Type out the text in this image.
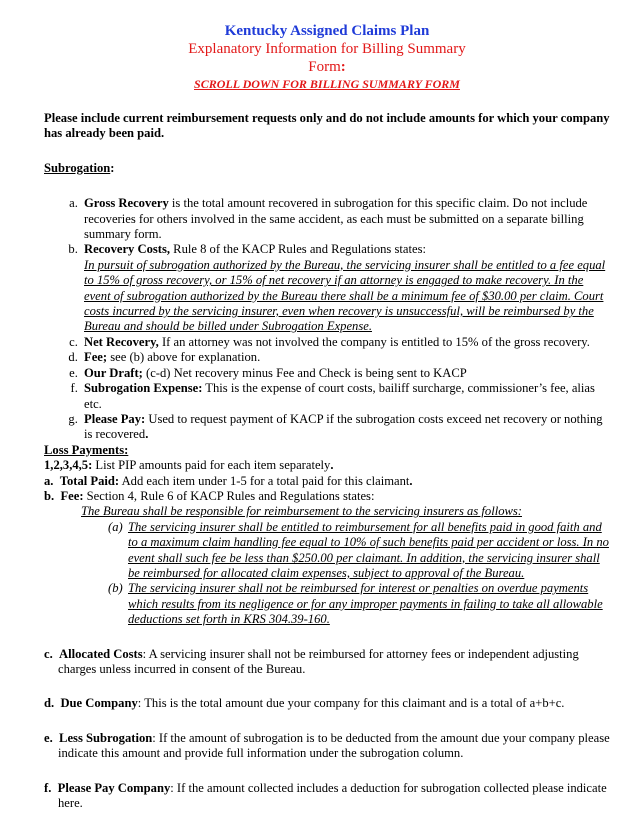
Kentucky Assigned Claims Plan
Explanatory Information for Billing Summary
Form:
SCROLL DOWN FOR BILLING SUMMARY FORM
Please include current reimbursement requests only and do not include amounts for which your company has already been paid.
Subrogation:
a. Gross Recovery is the total amount recovered in subrogation for this specific claim. Do not include recoveries for others involved in the same accident, as each must be submitted on a separate billing summary form.
b. Recovery Costs, Rule 8 of the KACP Rules and Regulations states:
In pursuit of subrogation authorized by the Bureau, the servicing insurer shall be entitled to a fee equal to 15% of gross recovery, or 15% of net recovery if an attorney is engaged to make recovery. In the event of subrogation authorized by the Bureau there shall be a minimum fee of $30.00 per claim. Court costs incurred by the servicing insurer, even when recovery is unsuccessful, will be reimbursed by the Bureau and should be billed under Subrogation Expense.
c. Net Recovery, If an attorney was not involved the company is entitled to 15% of the gross recovery.
d. Fee; see (b) above for explanation.
e. Our Draft; (c-d) Net recovery minus Fee and Check is being sent to KACP
f. Subrogation Expense: This is the expense of court costs, bailiff surcharge, commissioner’s fee, alias etc.
g. Please Pay: Used to request payment of KACP if the subrogation costs exceed net recovery or nothing is recovered.
Loss Payments:
1,2,3,4,5: List PIP amounts paid for each item separately.
a. Total Paid: Add each item under 1-5 for a total paid for this claimant.
b. Fee: Section 4, Rule 6 of KACP Rules and Regulations states:
The Bureau shall be responsible for reimbursement to the servicing insurers as follows:
(a) The servicing insurer shall be entitled to reimbursement for all benefits paid in good faith and to a maximum claim handling fee equal to 10% of such benefits paid per accident or loss. In no event shall such fee be less than $250.00 per claimant. In addition, the servicing insurer shall be reimbursed for allocated claim expenses, subject to approval of the Bureau.
(b) The servicing insurer shall not be reimbursed for interest or penalties on overdue payments which results from its negligence or for any improper payments in failing to take all allowable deductions set forth in KRS 304.39-160.
c. Allocated Costs: A servicing insurer shall not be reimbursed for attorney fees or independent adjusting charges unless incurred in consent of the Bureau.
d. Due Company: This is the total amount due your company for this claimant and is a total of a+b+c.
e. Less Subrogation: If the amount of subrogation is to be deducted from the amount due your company please indicate this amount and provide full information under the subrogation column.
f. Please Pay Company: If the amount collected includes a deduction for subrogation collected please indicate here.
